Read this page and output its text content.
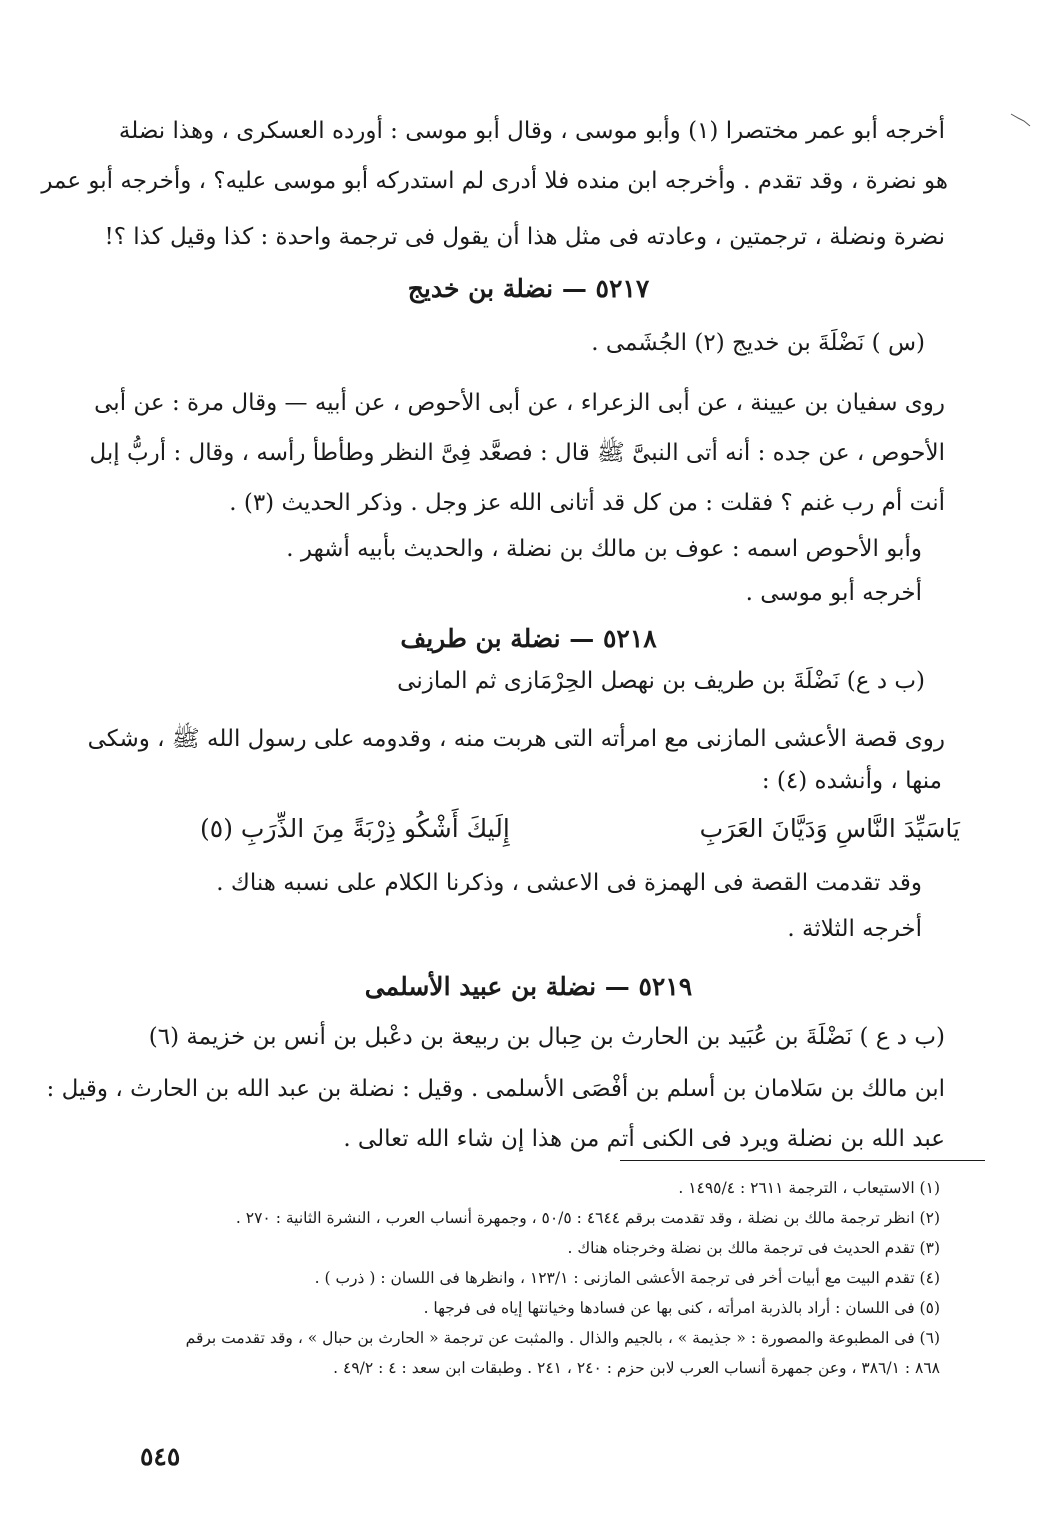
أخرجه أبو عمر مختصرا (١) وأبو موسى ، وقال أبو موسى : أورده العسكرى ، وهذا نضلة
هو نضرة ، وقد تقدم . وأخرجه ابن منده فلا أدرى لم استدركه أبو موسى عليه؟ ، وأخرجه أبو عمر
نضرة ونضلة ، ترجمتين ، وعادته فى مثل هذا أن يقول فى ترجمة واحدة : كذا وقيل كذا ؟!
٥٢١٧ — نضلة بن خديج
(س ) نَضْلَةَ بن خديج (٢) الجُشَمى .
روى سفيان بن عيينة ، عن أبى الزعراء ، عن أبى الأحوص ، عن أبيه — وقال مرة : عن أبى
الأحوص ، عن جده : أنه أتى النبىَّ ﷺ قال : فصعَّد فِىَّ النظر وطأطأ رأسه ، وقال : أربُّ إبل
أنت أم رب غنم ؟ فقلت : من كل قد أتانى الله عز وجل . وذكر الحديث (٣) .
وأبو الأحوص اسمه : عوف بن مالك بن نضلة ، والحديث بأبيه أشهر .
أخرجه أبو موسى .
٥٢١٨ — نضلة بن طريف
(ب د ع) نَضْلَةَ بن طريف بن نهصل الحِرْمَازى ثم المازنى
روى قصة الأعشى المازنى مع امرأته التى هربت منه ، وقدومه على رسول الله ﷺ ، وشكى
منها ، وأنشده (٤) :
يَاسَيِّدَ النَّاسِ وَدَيَّانَ العَرَبِ
إِلَيكَ أَشْكُو ذِرْبَةً مِنَ الذِّرَبِ (٥)
وقد تقدمت القصة فى الهمزة فى الاعشى ، وذكرنا الكلام على نسبه هناك .
أخرجه الثلاثة .
٥٢١٩ — نضلة بن عبيد الأسلمى
(ب د ع ) نَضْلَةَ بن عُبَيد بن الحارث بن حِبال بن ربيعة بن دعْبل بن أنس بن خزيمة (٦)
ابن مالك بن سَلامان بن أسلم بن أفْصَى الأسلمى . وقيل : نضلة بن عبد الله بن الحارث ، وقيل :
عبد الله بن نضلة ويرد فى الكنى أتم من هذا إن شاء الله تعالى .
(١) الاستيعاب ، الترجمة ٢٦١١ : ١٤٩٥/٤ .
(٢) انظر ترجمة مالك بن نضلة ، وقد تقدمت برقم ٤٦٤٤ : ٥٠/٥ ، وجمهرة أنساب العرب ، النشرة الثانية : ٢٧٠ .
(٣) تقدم الحديث فى ترجمة مالك بن نضلة وخرجناه هناك .
(٤) تقدم البيت مع أبيات أخر فى ترجمة الأعشى المازنى : ١٢٣/١ ، وانظرها فى اللسان : ( ذرب ) .
(٥) فى اللسان : أراد بالذربة امرأته ، كنى بها عن فسادها وخيانتها إياه فى فرجها .
(٦) فى المطبوعة والمصورة : « جذيمة » ، بالجيم والذال . والمثبت عن ترجمة « الحارث بن حبال » ، وقد تقدمت برقم
٨٦٨ : ٣٨٦/١ ، وعن جمهرة أنساب العرب لابن حزم : ٢٤٠ ، ٢٤١ . وطبقات ابن سعد : ٤ : ٤٩/٢ .
٥٤٥
